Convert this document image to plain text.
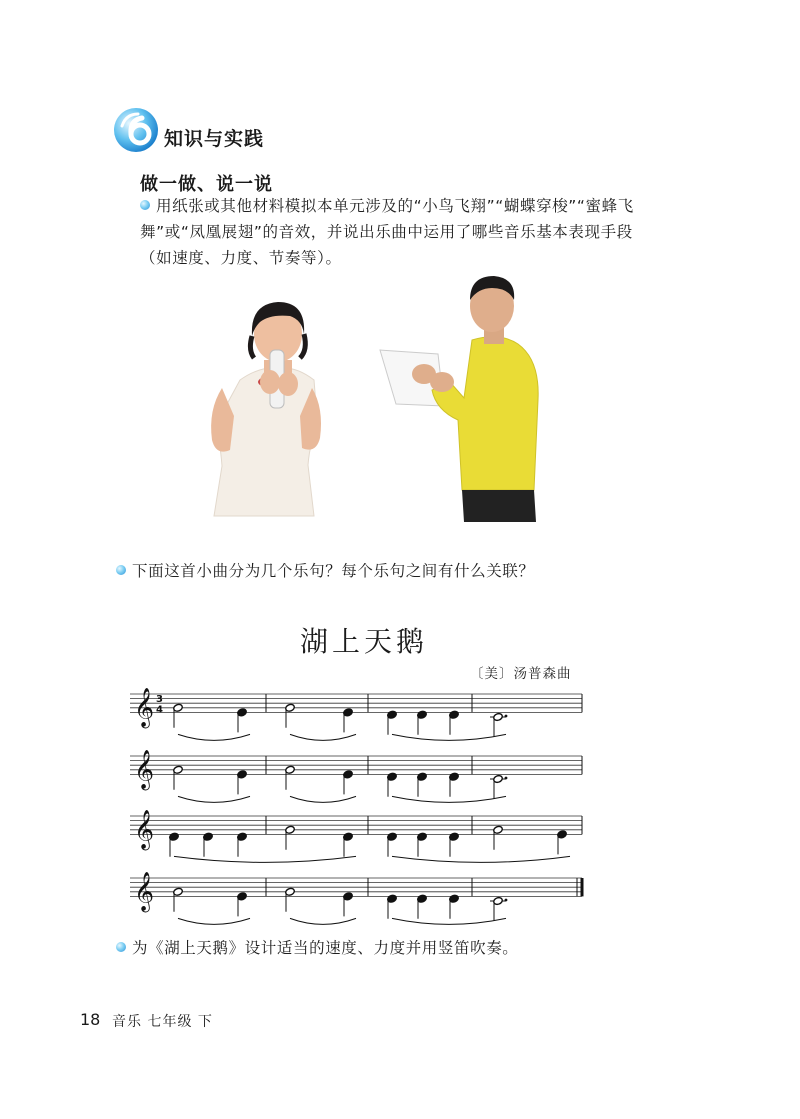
知识与实践
做一做、说一说
用纸张或其他材料模拟本单元涉及的“小鸟飞翔”“蝴蝶穿梭”“蜜蜂飞舞”或“凤凰展翅”的音效，并说出乐曲中运用了哪些音乐基本表现手段（如速度、力度、节奏等）。
下面这首小曲分为几个乐句？每个乐句之间有什么关联？
湖上天鹅
〔美〕汤普森曲
𝄞 3
4
𝄞
𝄞
𝄞
为《湖上天鹅》设计适当的速度、力度并用竖笛吹奏。
18 音乐 七年级 下
